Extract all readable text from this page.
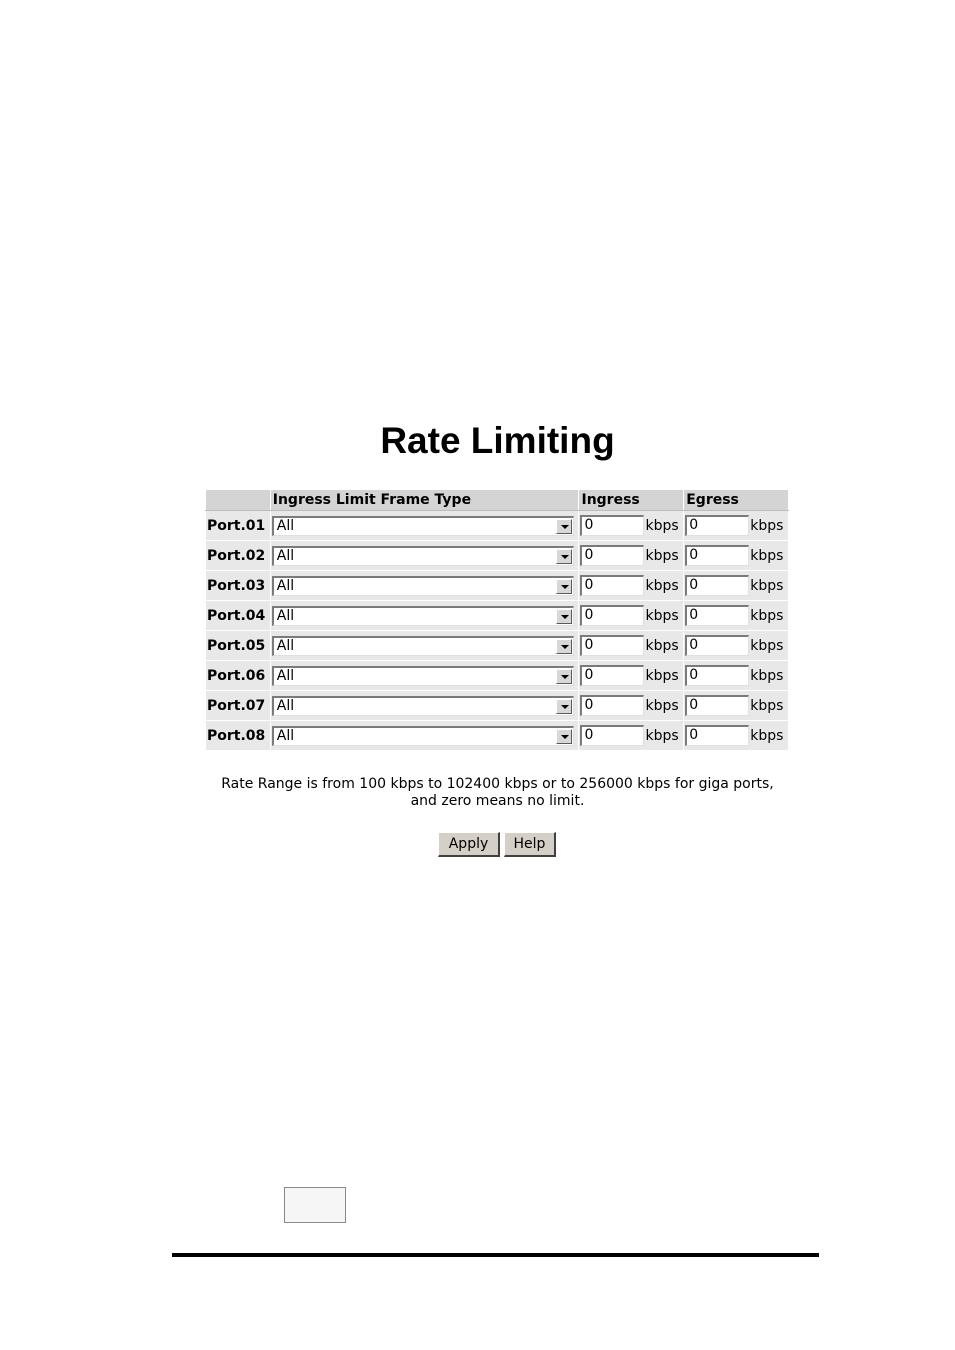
Rate Limiting
	Ingress Limit Frame Type	Ingress	Egress
Port.01	All	0 kbps	0 kbps
Port.02	All	0 kbps	0 kbps
Port.03	All	0 kbps	0 kbps
Port.04	All	0 kbps	0 kbps
Port.05	All	0 kbps	0 kbps
Port.06	All	0 kbps	0 kbps
Port.07	All	0 kbps	0 kbps
Port.08	All	0 kbps	0 kbps
Rate Range is from 100 kbps to 102400 kbps or to 256000 kbps for giga ports,
and zero means no limit.
Apply	Help
